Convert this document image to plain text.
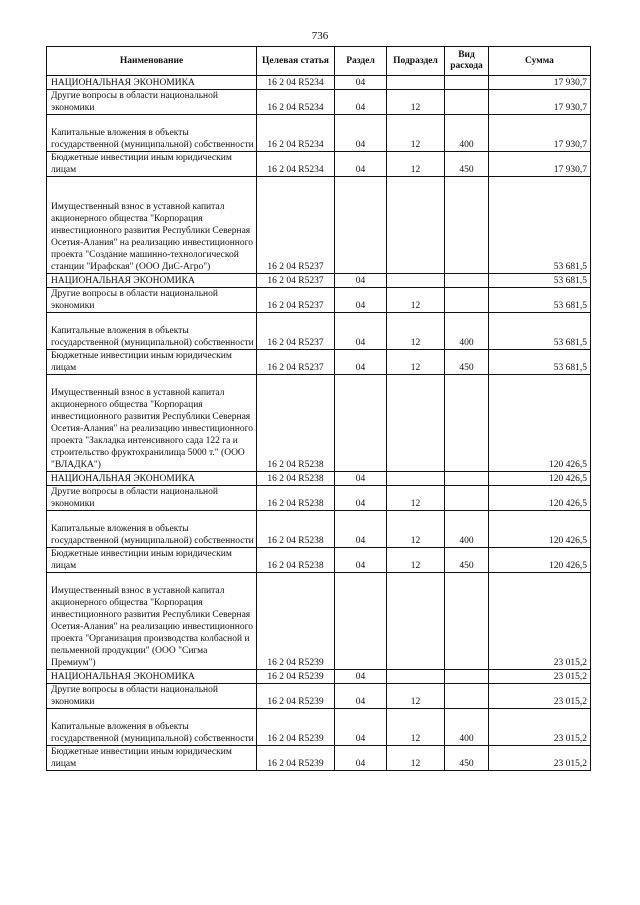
736
Наименование	Целевая статья	Раздел	Подраздел	Вид расхода	Сумма
НАЦИОНАЛЬНАЯ ЭКОНОМИКА	16 2 04 R5234	04			17 930,7
Другие вопросы в области национальной экономики	16 2 04 R5234	04	12		17 930,7
Капитальные вложения в объекты государственной (муниципальной) собственности	16 2 04 R5234	04	12	400	17 930,7
Бюджетные инвестиции иным юридическим лицам	16 2 04 R5234	04	12	450	17 930,7
Имущественный взнос в уставной капитал акционерного общества "Корпорация инвестиционного развития Республики Северная Осетия-Алания" на реализацию инвестиционного проекта "Создание машинно-технологической станции "Ирафская" (ООО ДиС-Агро")	16 2 04 R5237				53 681,5
НАЦИОНАЛЬНАЯ ЭКОНОМИКА	16 2 04 R5237	04			53 681,5
Другие вопросы в области национальной экономики	16 2 04 R5237	04	12		53 681,5
Капитальные вложения в объекты государственной (муниципальной) собственности	16 2 04 R5237	04	12	400	53 681,5
Бюджетные инвестиции иным юридическим лицам	16 2 04 R5237	04	12	450	53 681,5
Имущественный взнос в уставной капитал акционерного общества "Корпорация инвестиционного развития Республики Северная Осетия-Алания" на реализацию инвестиционного проекта "Закладка интенсивного сада 122 га и строительство фруктохранилища 5000 т." (ООО "ВЛАДКА")	16 2 04 R5238				120 426,5
НАЦИОНАЛЬНАЯ ЭКОНОМИКА	16 2 04 R5238	04			120 426,5
Другие вопросы в области национальной экономики	16 2 04 R5238	04	12		120 426,5
Капитальные вложения в объекты государственной (муниципальной) собственности	16 2 04 R5238	04	12	400	120 426,5
Бюджетные инвестиции иным юридическим лицам	16 2 04 R5238	04	12	450	120 426,5
Имущественный взнос в уставной капитал акционерного общества "Корпорация инвестиционного развития Республики Северная Осетия-Алания" на реализацию инвестиционного проекта "Организация производства колбасной и пельменной продукции" (ООО "Сигма Премиум")	16 2 04 R5239				23 015,2
НАЦИОНАЛЬНАЯ ЭКОНОМИКА	16 2 04 R5239	04			23 015,2
Другие вопросы в области национальной экономики	16 2 04 R5239	04	12		23 015,2
Капитальные вложения в объекты государственной (муниципальной) собственности	16 2 04 R5239	04	12	400	23 015,2
Бюджетные инвестиции иным юридическим лицам	16 2 04 R5239	04	12	450	23 015,2
